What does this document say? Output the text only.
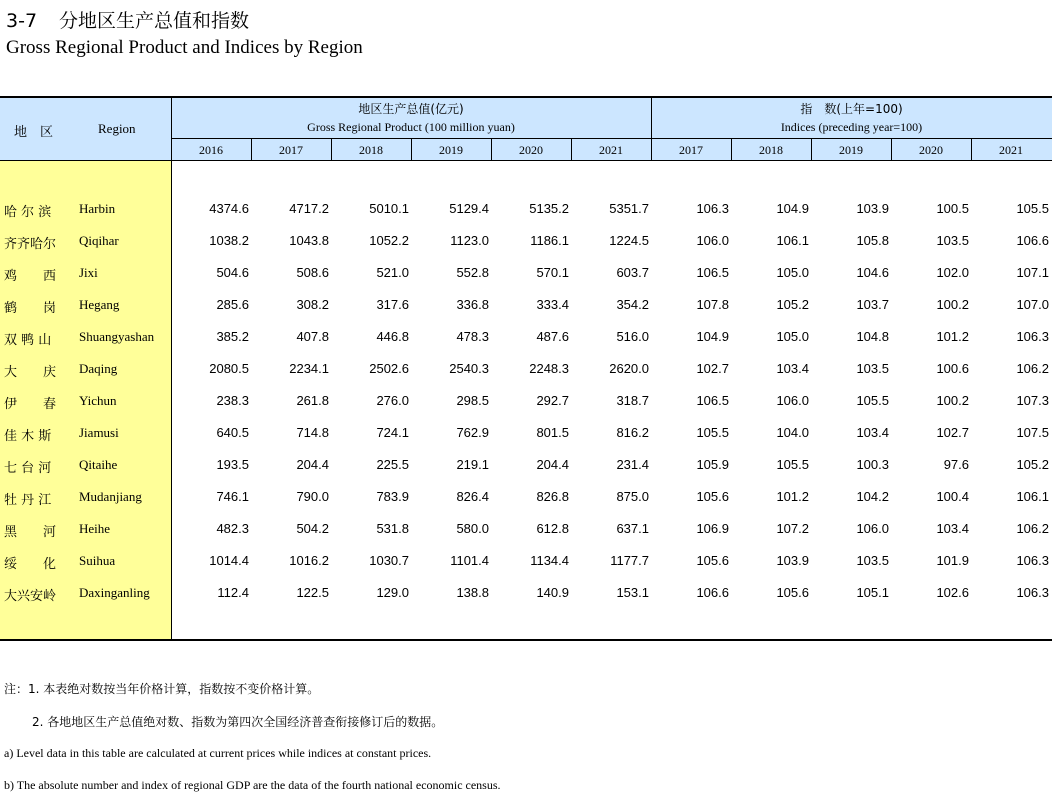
3-7 分地区生产总值和指数
Gross Regional Product and Indices by Region
地　区	Region
地区生产总值(亿元)
Gross Regional Product (100 million yuan)
指　数(上年=100)
Indices (preceding year=100)
2016	2017	2018	2019	2020	2021	2017	2018	2019	2020	2021
哈 尔 滨 Harbin	4374.6	4717.2	5010.1	5129.4	5135.2	5351.7	106.3	104.9	103.9	100.5	105.5
齐齐哈尔 Qiqihar	1038.2	1043.8	1052.2	1123.0	1186.1	1224.5	106.0	106.1	105.8	103.5	106.6
鸡　　西 Jixi	504.6	508.6	521.0	552.8	570.1	603.7	106.5	105.0	104.6	102.0	107.1
鹤　　岗 Hegang	285.6	308.2	317.6	336.8	333.4	354.2	107.8	105.2	103.7	100.2	107.0
双 鸭 山 Shuangyashan	385.2	407.8	446.8	478.3	487.6	516.0	104.9	105.0	104.8	101.2	106.3
大　　庆 Daqing	2080.5	2234.1	2502.6	2540.3	2248.3	2620.0	102.7	103.4	103.5	100.6	106.2
伊　　春 Yichun	238.3	261.8	276.0	298.5	292.7	318.7	106.5	106.0	105.5	100.2	107.3
佳 木 斯 Jiamusi	640.5	714.8	724.1	762.9	801.5	816.2	105.5	104.0	103.4	102.7	107.5
七 台 河 Qitaihe	193.5	204.4	225.5	219.1	204.4	231.4	105.9	105.5	100.3	97.6	105.2
牡 丹 江 Mudanjiang	746.1	790.0	783.9	826.4	826.8	875.0	105.6	101.2	104.2	100.4	106.1
黑　　河 Heihe	482.3	504.2	531.8	580.0	612.8	637.1	106.9	107.2	106.0	103.4	106.2
绥　　化 Suihua	1014.4	1016.2	1030.7	1101.4	1134.4	1177.7	105.6	103.9	103.5	101.9	106.3
大兴安岭 Daxinganling	112.4	122.5	129.0	138.8	140.9	153.1	106.6	105.6	105.1	102.6	106.3
注：1. 本表绝对数按当年价格计算，指数按不变价格计算。
2. 各地地区生产总值绝对数、指数为第四次全国经济普查衔接修订后的数据。
a) Level data in this table are calculated at current prices while indices at constant prices.
b) The absolute number and index of regional GDP are the data of the fourth national economic census.
